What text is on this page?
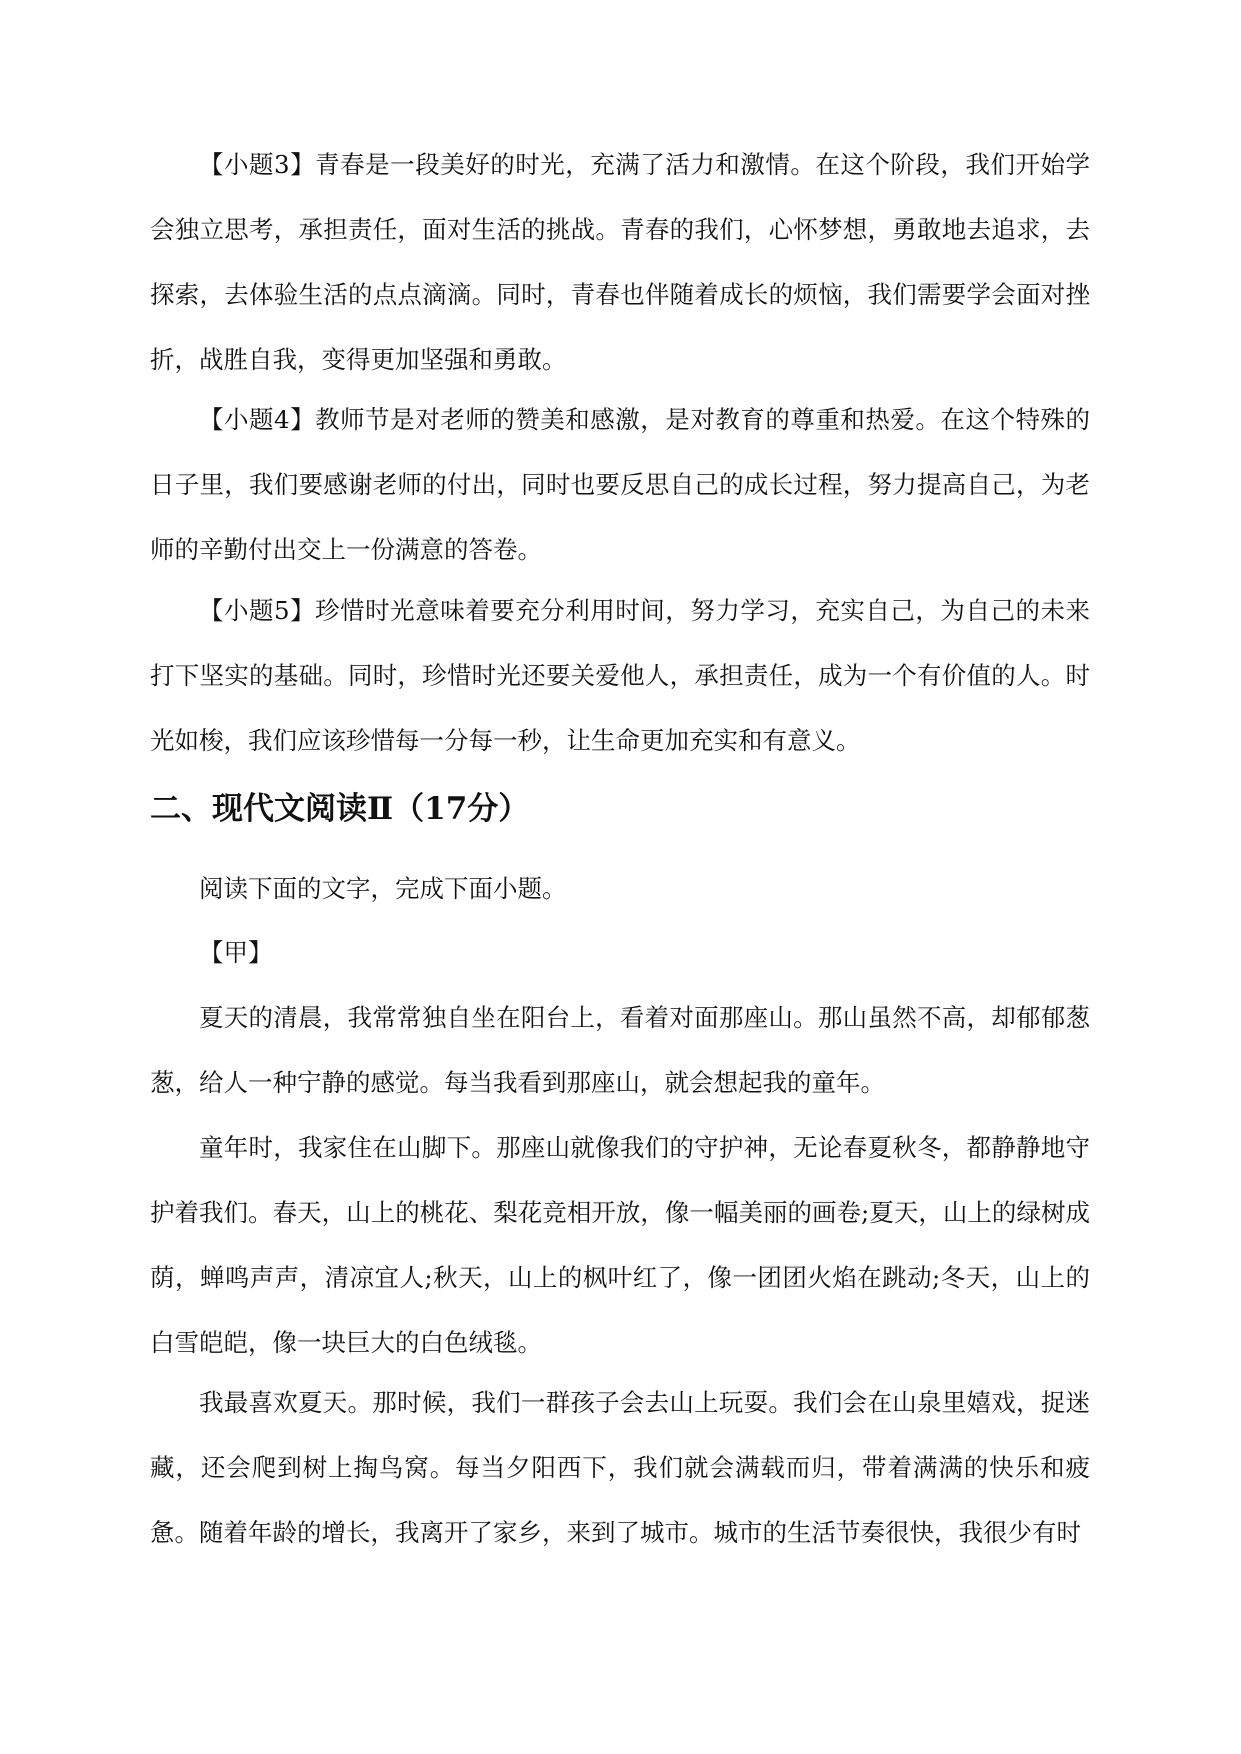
【小题3】青春是一段美好的时光，充满了活力和激情。在这个阶段，我们开始学会独立思考，承担责任，面对生活的挑战。青春的我们，心怀梦想，勇敢地去追求，去探索，去体验生活的点点滴滴。同时，青春也伴随着成长的烦恼，我们需要学会面对挫折，战胜自我，变得更加坚强和勇敢。

【小题4】教师节是对老师的赞美和感激，是对教育的尊重和热爱。在这个特殊的日子里，我们要感谢老师的付出，同时也要反思自己的成长过程，努力提高自己，为老师的辛勤付出交上一份满意的答卷。

【小题5】珍惜时光意味着要充分利用时间，努力学习，充实自己，为自己的未来打下坚实的基础。同时，珍惜时光还要关爱他人，承担责任，成为一个有价值的人。时光如梭，我们应该珍惜每一分每一秒，让生命更加充实和有意义。

二、现代文阅读Ⅱ（17分）

阅读下面的文字，完成下面小题。

【甲】

夏天的清晨，我常常独自坐在阳台上，看着对面那座山。那山虽然不高，却郁郁葱葱，给人一种宁静的感觉。每当我看到那座山，就会想起我的童年。

童年时，我家住在山脚下。那座山就像我们的守护神，无论春夏秋冬，都静静地守护着我们。春天，山上的桃花、梨花竞相开放，像一幅美丽的画卷;夏天，山上的绿树成荫，蝉鸣声声，清凉宜人;秋天，山上的枫叶红了，像一团团火焰在跳动;冬天，山上的白雪皑皑，像一块巨大的白色绒毯。

我最喜欢夏天。那时候，我们一群孩子会去山上玩耍。我们会在山泉里嬉戏，捉迷藏，还会爬到树上掏鸟窝。每当夕阳西下，我们就会满载而归，带着满满的快乐和疲惫。 随着年龄的增长，我离开了家乡，来到了城市。城市的生活节奏很快，我很少有时
